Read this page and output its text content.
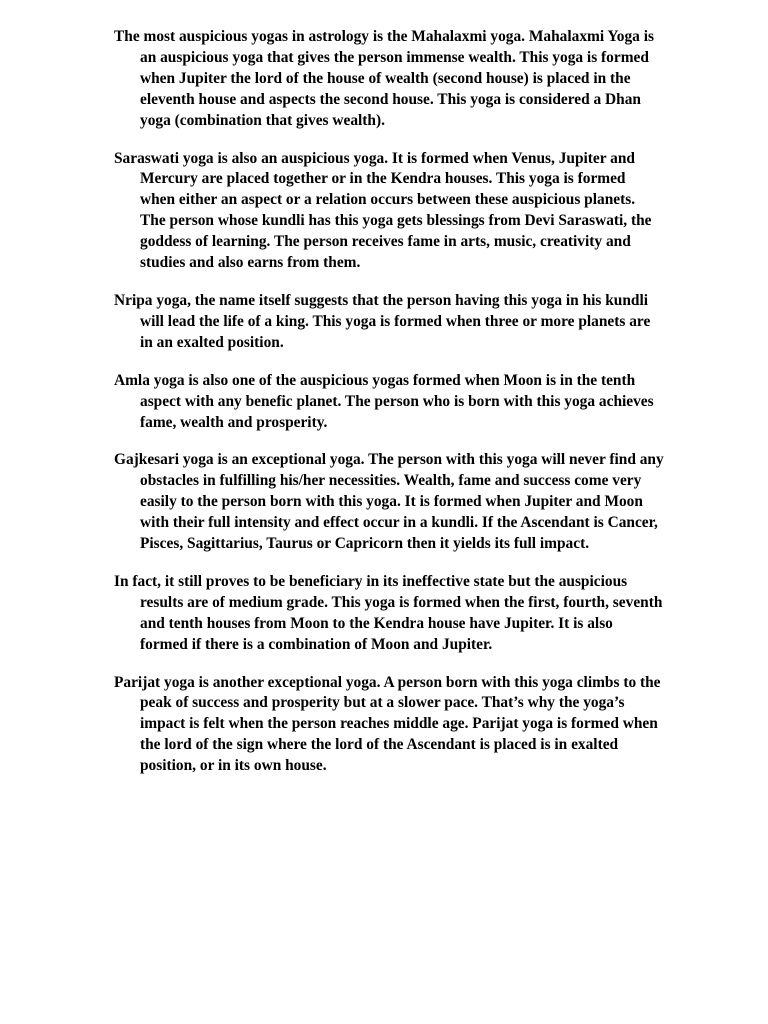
The most auspicious yogas in astrology is the Mahalaxmi yoga. Mahalaxmi Yoga is an auspicious yoga that gives the person immense wealth. This yoga is formed when Jupiter the lord of the house of wealth (second house) is placed in the eleventh house and aspects the second house. This yoga is considered a Dhan yoga (combination that gives wealth).

Saraswati yoga is also an auspicious yoga. It is formed when Venus, Jupiter and Mercury are placed together or in the Kendra houses. This yoga is formed when either an aspect or a relation occurs between these auspicious planets. The person whose kundli has this yoga gets blessings from Devi Saraswati, the goddess of learning. The person receives fame in arts, music, creativity and studies and also earns from them.

Nripa yoga, the name itself suggests that the person having this yoga in his kundli will lead the life of a king. This yoga is formed when three or more planets are in an exalted position.

Amla yoga is also one of the auspicious yogas formed when Moon is in the tenth aspect with any benefic planet. The person who is born with this yoga achieves fame, wealth and prosperity.

Gajkesari yoga is an exceptional yoga. The person with this yoga will never find any obstacles in fulfilling his/her necessities. Wealth, fame and success come very easily to the person born with this yoga. It is formed when Jupiter and Moon with their full intensity and effect occur in a kundli. If the Ascendant is Cancer, Pisces, Sagittarius, Taurus or Capricorn then it yields its full impact.

In fact, it still proves to be beneficiary in its ineffective state but the auspicious results are of medium grade. This yoga is formed when the first, fourth, seventh and tenth houses from Moon to the Kendra house have Jupiter. It is also formed if there is a combination of Moon and Jupiter.

Parijat yoga is another exceptional yoga. A person born with this yoga climbs to the peak of success and prosperity but at a slower pace. That’s why the yoga’s impact is felt when the person reaches middle age. Parijat yoga is formed when the lord of the sign where the lord of the Ascendant is placed is in exalted position, or in its own house.
